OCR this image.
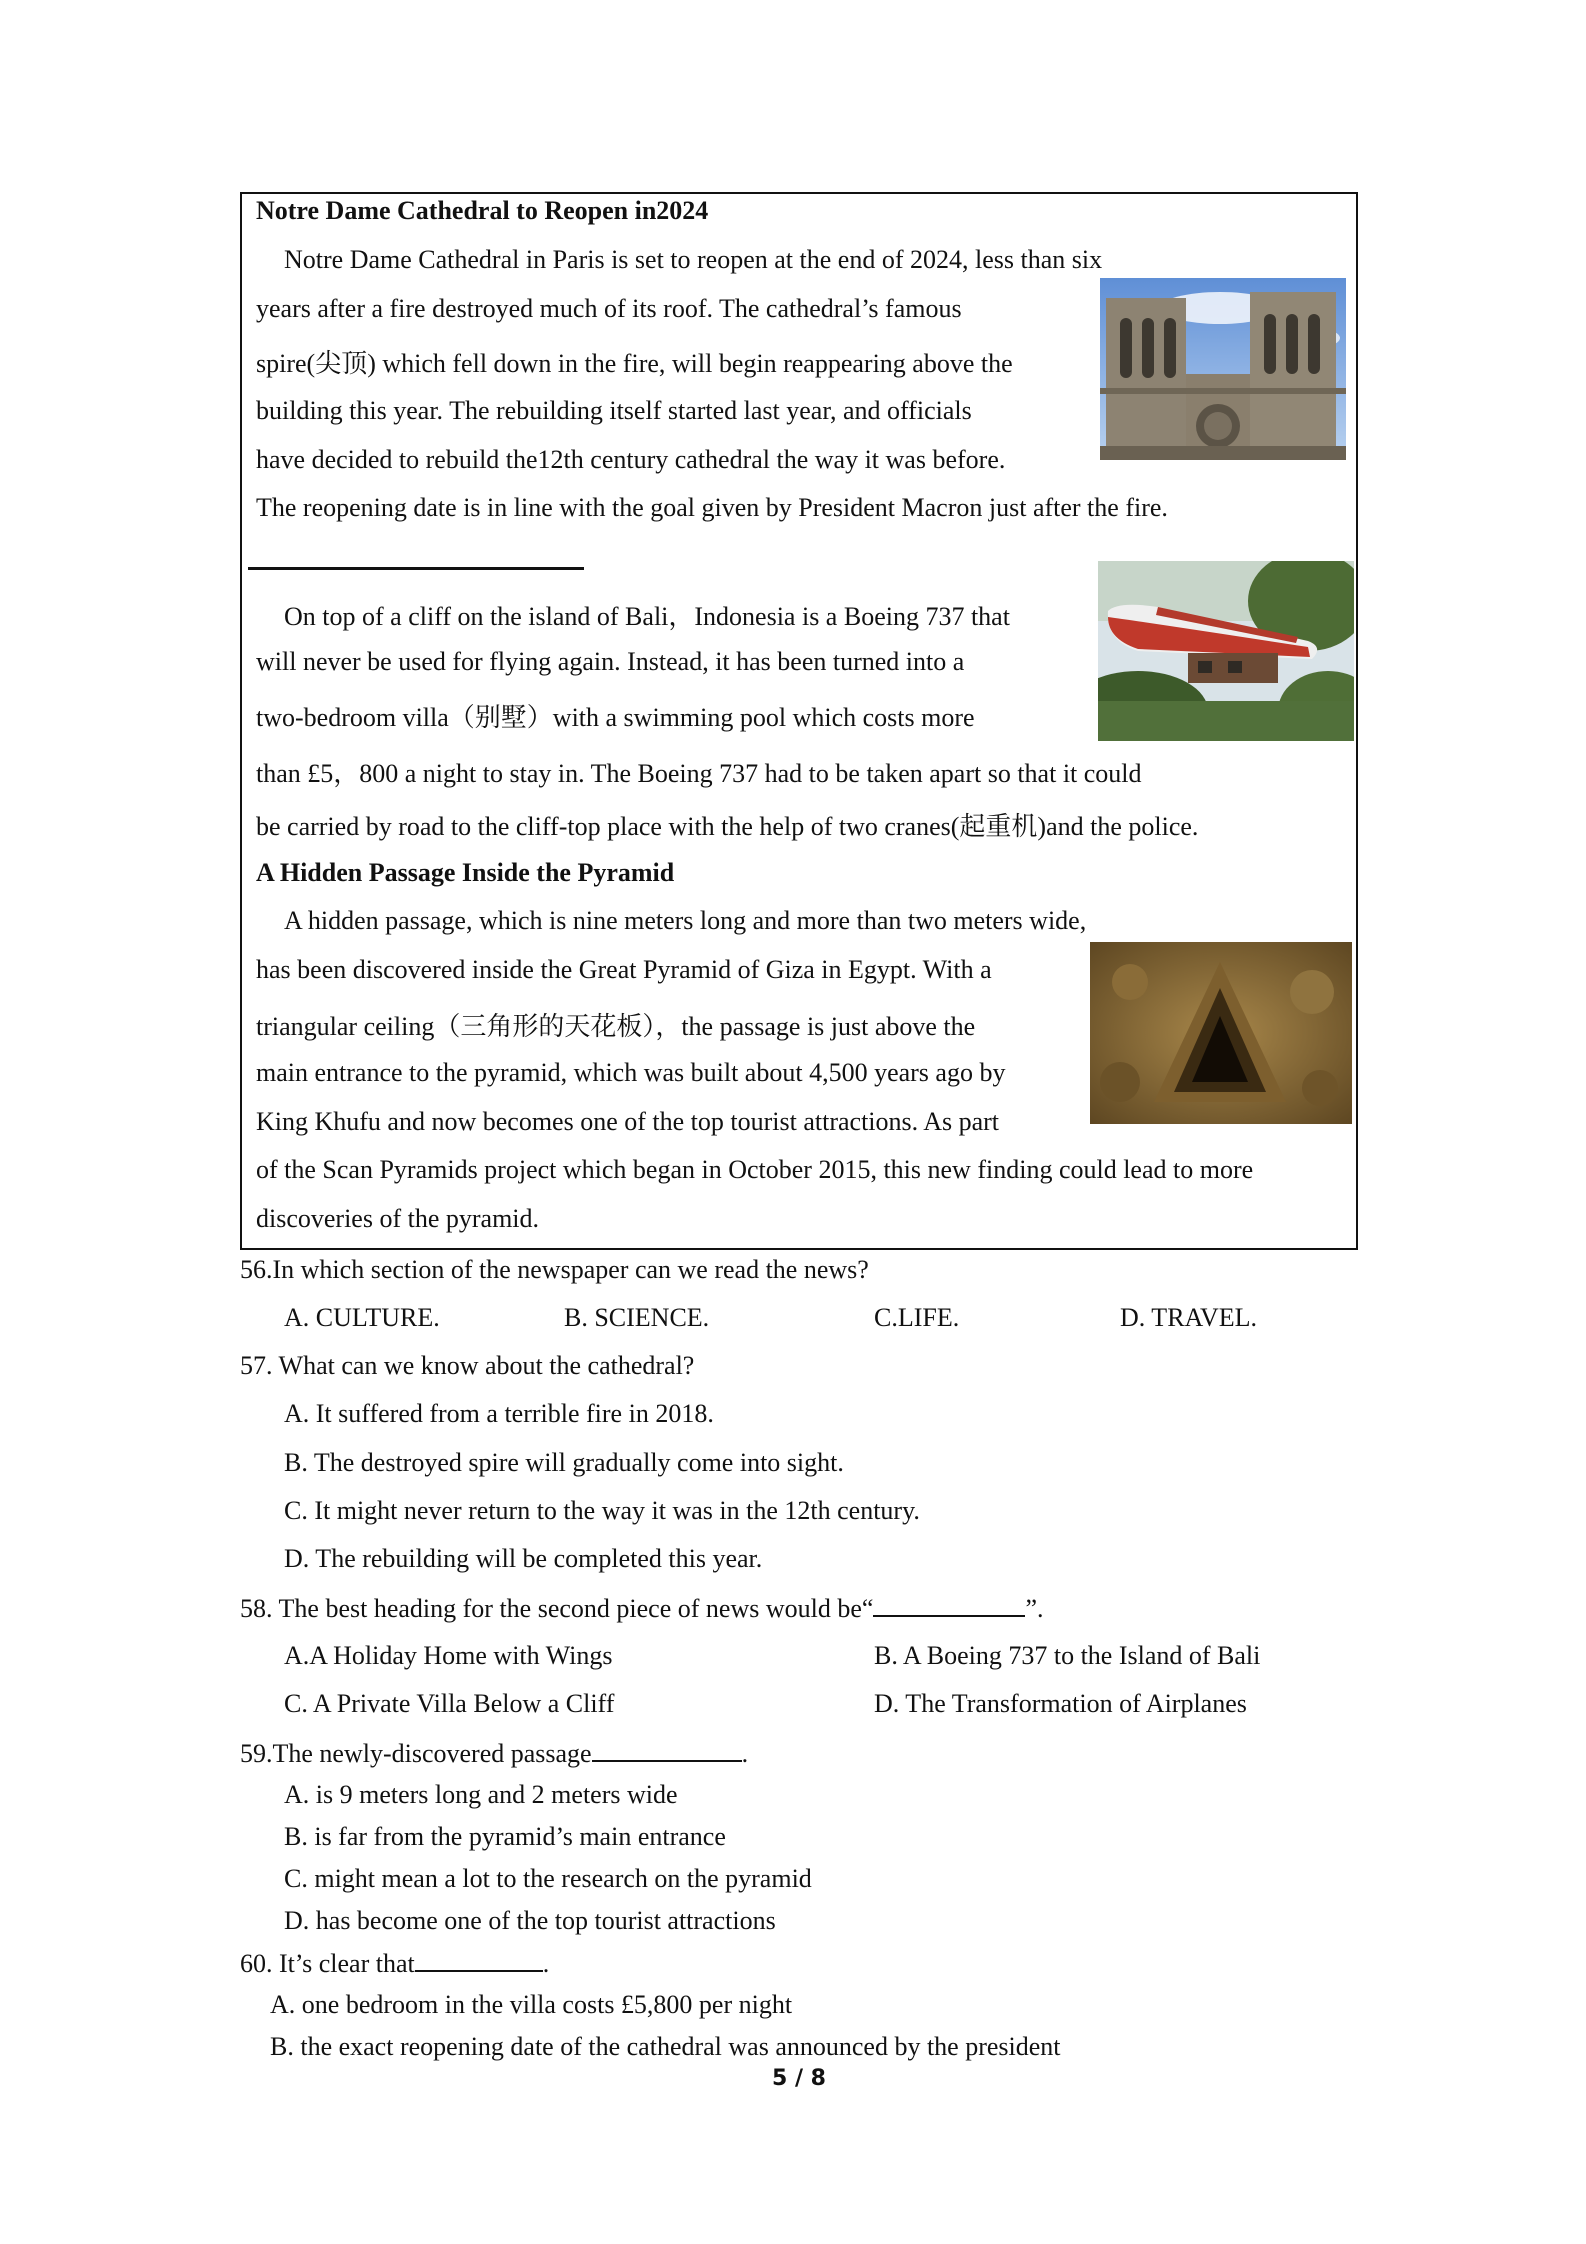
Notre Dame Cathedral to Reopen in2024
Notre Dame Cathedral in Paris is set to reopen at the end of 2024, less than six
years after a fire destroyed much of its roof. The cathedral’s famous
spire(尖顶) which fell down in the fire, will begin reappearing above the
building this year. The rebuilding itself started last year, and officials
have decided to rebuild the12th century cathedral the way it was before.
The reopening date is in line with the goal given by President Macron just after the fire.
On top of a cliff on the island of Bali，Indonesia is a Boeing 737 that
will never be used for flying again. Instead, it has been turned into a
two-bedroom villa（别墅）with a swimming pool which costs more
than £5，800 a night to stay in. The Boeing 737 had to be taken apart so that it could
be carried by road to the cliff-top place with the help of two cranes(起重机)and the police.
A Hidden Passage Inside the Pyramid
A hidden passage, which is nine meters long and more than two meters wide,
has been discovered inside the Great Pyramid of Giza in Egypt. With a
triangular ceiling（三角形的天花板），the passage is just above the
main entrance to the pyramid, which was built about 4,500 years ago by
King Khufu and now becomes one of the top tourist attractions. As part
of the Scan Pyramids project which began in October 2015, this new finding could lead to more
discoveries of the pyramid.
56.In which section of the newspaper can we read the news?
A. CULTURE.	B. SCIENCE.	C.LIFE.	D. TRAVEL.
57. What can we know about the cathedral?
A. It suffered from a terrible fire in 2018.
B. The destroyed spire will gradually come into sight.
C. It might never return to the way it was in the 12th century.
D. The rebuilding will be completed this year.
58. The best heading for the second piece of news would be“	”.
A.A Holiday Home with Wings	B. A Boeing 737 to the Island of Bali
C. A Private Villa Below a Cliff	D. The Transformation of Airplanes
59.The newly-discovered passage	.
A. is 9 meters long and 2 meters wide
B. is far from the pyramid’s main entrance
C. might mean a lot to the research on the pyramid
D. has become one of the top tourist attractions
60. It’s clear that	.
A. one bedroom in the villa costs £5,800 per night
B. the exact reopening date of the cathedral was announced by the president
5 / 8
